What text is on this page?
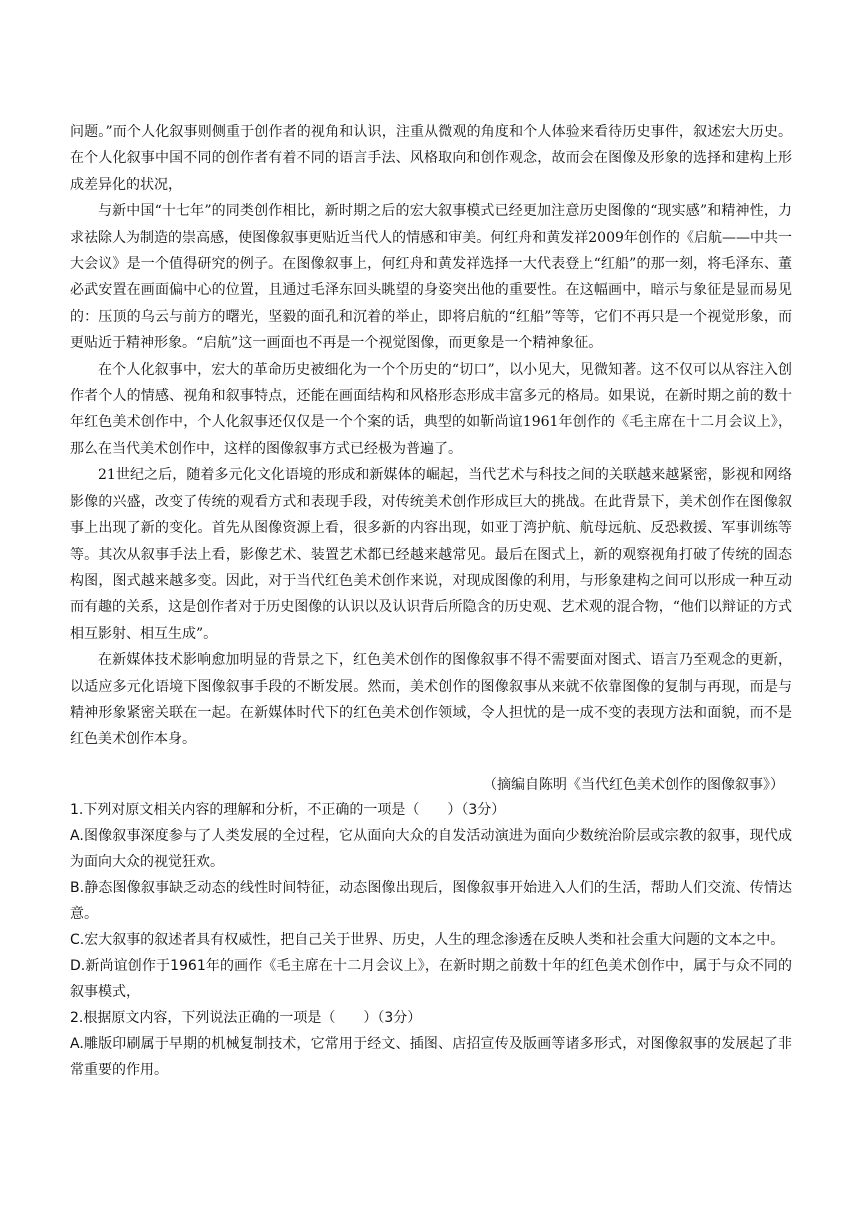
问题。”而个人化叙事则侧重于创作者的视角和认识，注重从微观的角度和个人体验来看待历史事件，叙述宏大历史。在个人化叙事中国不同的创作者有着不同的语言手法、风格取向和创作观念，故而会在图像及形象的选择和建构上形成差异化的状况，

与新中国“十七年”的同类创作相比，新时期之后的宏大叙事模式已经更加注意历史图像的“现实感”和精神性，力求祛除人为制造的崇高感，使图像叙事更贴近当代人的情感和审美。何红舟和黄发祥2009年创作的《启航——中共一大会议》是一个值得研究的例子。在图像叙事上，何红舟和黄发祥选择一大代表登上“红船”的那一刻，将毛泽东、董必武安置在画面偏中心的位置，且通过毛泽东回头眺望的身姿突出他的重要性。在这幅画中，暗示与象征是显而易见的：压顶的乌云与前方的曙光，坚毅的面孔和沉着的举止，即将启航的“红船”等等，它们不再只是一个视觉形象，而更贴近于精神形象。“启航”这一画面也不再是一个视觉图像，而更象是一个精神象征。

在个人化叙事中，宏大的革命历史被细化为一个个历史的“切口”，以小见大，见微知著。这不仅可以从容注入创作者个人的情感、视角和叙事特点，还能在画面结构和风格形态形成丰富多元的格局。如果说，在新时期之前的数十年红色美术创作中，个人化叙事还仅仅是一个个案的话，典型的如靳尚谊1961年创作的《毛主席在十二月会议上》，那么在当代美术创作中，这样的图像叙事方式已经极为普遍了。

21世纪之后，随着多元化文化语境的形成和新媒体的崛起，当代艺术与科技之间的关联越来越紧密，影视和网络影像的兴盛，改变了传统的观看方式和表现手段，对传统美术创作形成巨大的挑战。在此背景下，美术创作在图像叙事上出现了新的变化。首先从图像资源上看，很多新的内容出现，如亚丁湾护航、航母远航、反恐救援、军事训练等等。其次从叙事手法上看，影像艺术、装置艺术都已经越来越常见。最后在图式上，新的观察视角打破了传统的固态构图，图式越来越多变。因此，对于当代红色美术创作来说，对现成图像的利用，与形象建构之间可以形成一种互动而有趣的关系，这是创作者对于历史图像的认识以及认识背后所隐含的历史观、艺术观的混合物，“他们以辩证的方式相互影射、相互生成”。

在新媒体技术影响愈加明显的背景之下，红色美术创作的图像叙事不得不需要面对图式、语言乃至观念的更新，以适应多元化语境下图像叙事手段的不断发展。然而，美术创作的图像叙事从来就不依靠图像的复制与再现，而是与精神形象紧密关联在一起。在新媒体时代下的红色美术创作领域，令人担忧的是一成不变的表现方法和面貌，而不是红色美术创作本身。

（摘编自陈明《当代红色美术创作的图像叙事》）

1.下列对原文相关内容的理解和分析，不正确的一项是（　　）（3分）

A.图像叙事深度参与了人类发展的全过程，它从面向大众的自发活动演进为面向少数统治阶层或宗教的叙事，现代成为面向大众的视觉狂欢。

B.静态图像叙事缺乏动态的线性时间特征，动态图像出现后，图像叙事开始进入人们的生活，帮助人们交流、传情达意。

C.宏大叙事的叙述者具有权威性，把自己关于世界、历史，人生的理念渗透在反映人类和社会重大问题的文本之中。

D.新尚谊创作于1961年的画作《毛主席在十二月会议上》，在新时期之前数十年的红色美术创作中，属于与众不同的叙事模式，

2.根据原文内容，下列说法正确的一项是（　　）（3分）

A.雕版印刷属于早期的机械复制技术，它常用于经文、插图、店招宣传及版画等诸多形式，对图像叙事的发展起了非常重要的作用。
